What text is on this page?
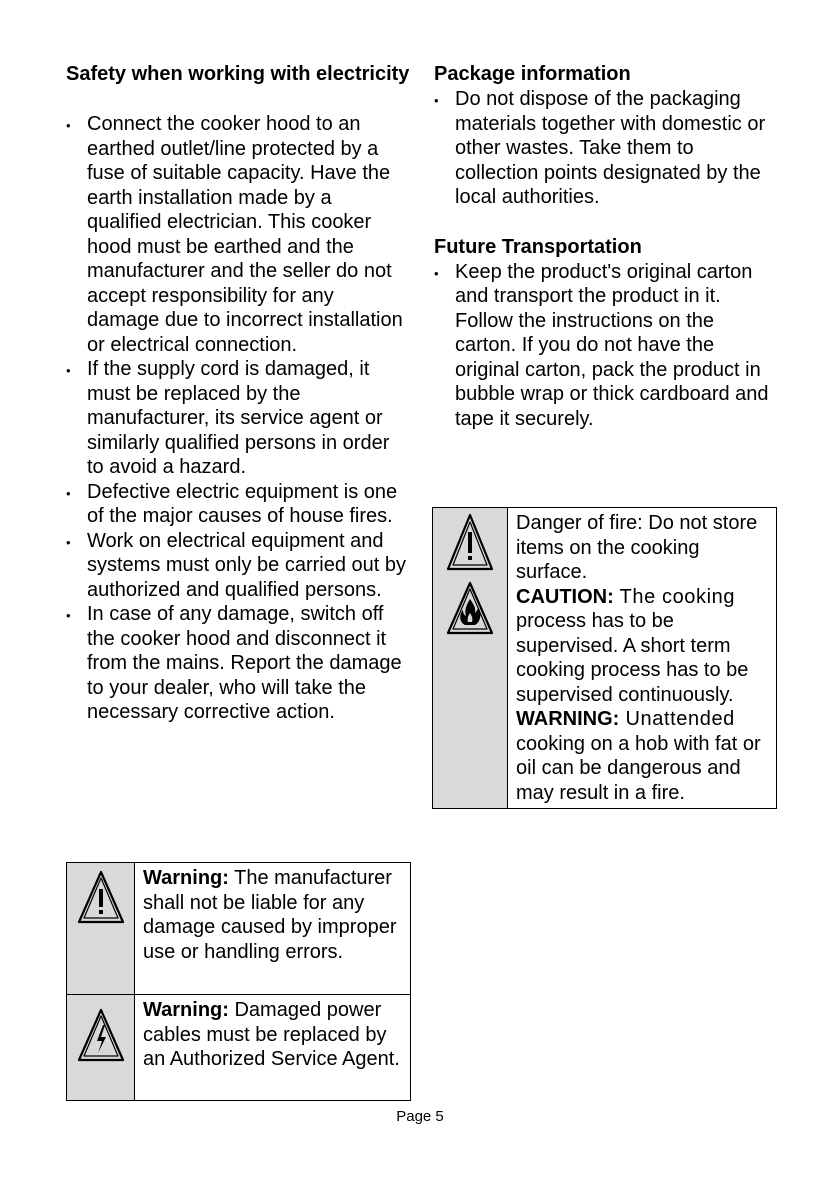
Safety when working with electricity
• Connect the cooker hood to an earthed outlet/line protected by a fuse of suitable capacity. Have the earth installation made by a qualified electrician. This cooker hood must be earthed and the manufacturer and the seller do not accept responsibility for any damage due to incorrect installation or electrical connection.
• If the supply cord is damaged, it must be replaced by the manufacturer, its service agent or similarly qualified persons in order to avoid a hazard.
• Defective electric equipment is one of the major causes of house fires.
• Work on electrical equipment and systems must only be carried out by authorized and qualified persons.
• In case of any damage, switch off the cooker hood and disconnect it from the mains. Report the damage to your dealer, who will take the necessary corrective action.
	Warning: The manufacturer shall not be liable for any damage caused by improper use or handling errors.

	Warning: Damaged power cables must be replaced by an Authorized Service Agent.
Package information
• Do not dispose of the packaging materials together with domestic or other wastes. Take them to collection points designated by the local authorities.
Future Transportation
• Keep the product's original carton and transport the product in it. Follow the instructions on the carton. If you do not have the original carton, pack the product in bubble wrap or thick cardboard and tape it securely.

Danger of fire: Do not store items on the cooking surface.
CAUTION: The cooking process has to be supervised. A short term cooking process has to be supervised continuously.
WARNING: Unattended cooking on a hob with fat or oil can be dangerous and may result in a fire.
Page 5
